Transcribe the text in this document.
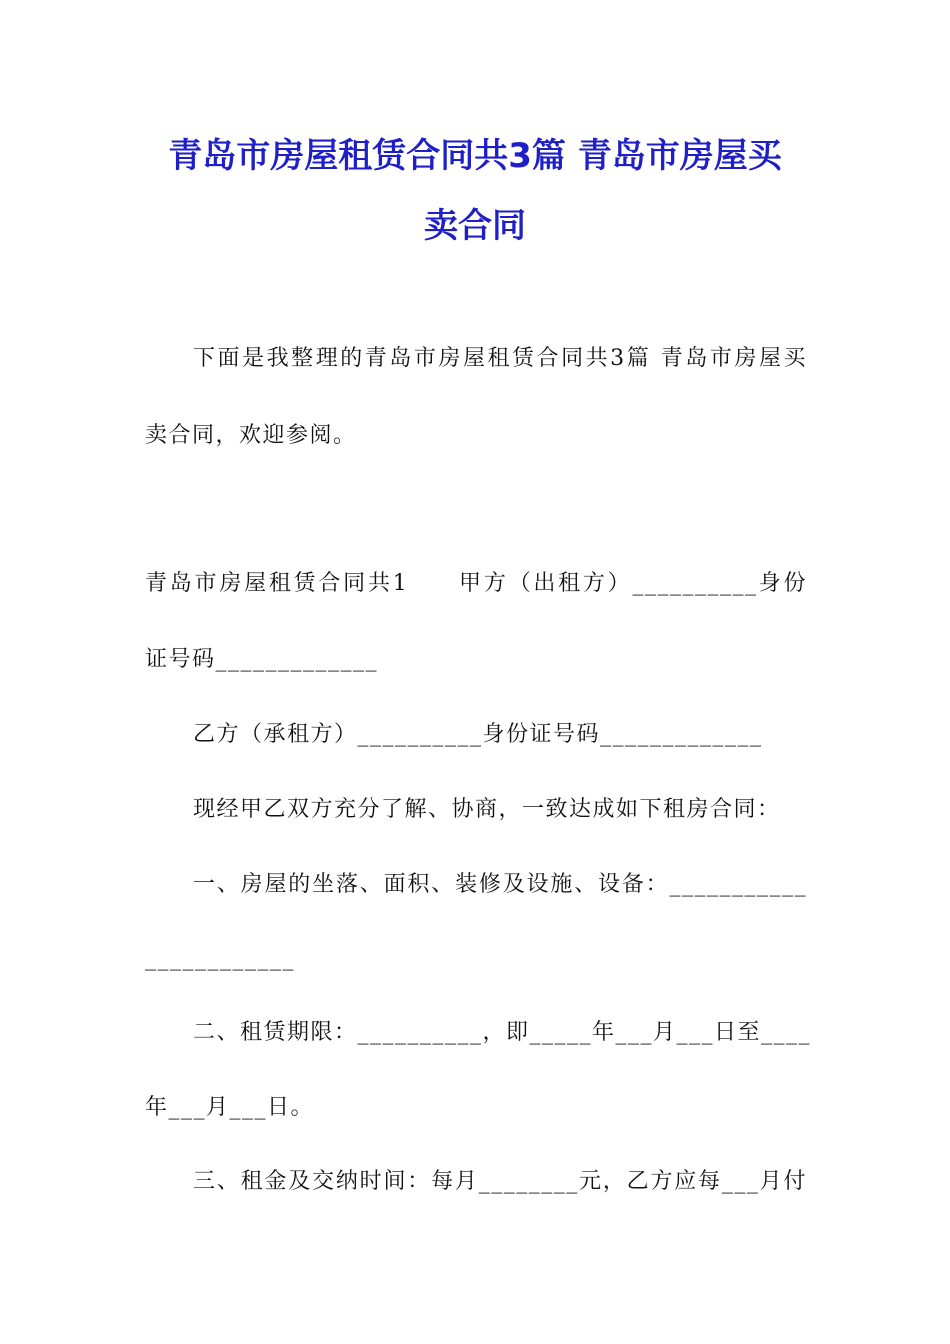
青岛市房屋租赁合同共3篇 青岛市房屋买
卖合同
下面是我整理的青岛市房屋租赁合同共3篇 青岛市房屋买
卖合同，欢迎参阅。
青岛市房屋租赁合同共1　　甲方（出租方）__________身份
证号码_____________
乙方（承租方）__________身份证号码_____________
现经甲乙双方充分了解、协商，一致达成如下租房合同：
一、房屋的坐落、面积、装修及设施、设备：___________
____________
二、租赁期限：__________，即_____年___月___日至____
年___月___日。
三、租金及交纳时间：每月________元，乙方应每___月付
